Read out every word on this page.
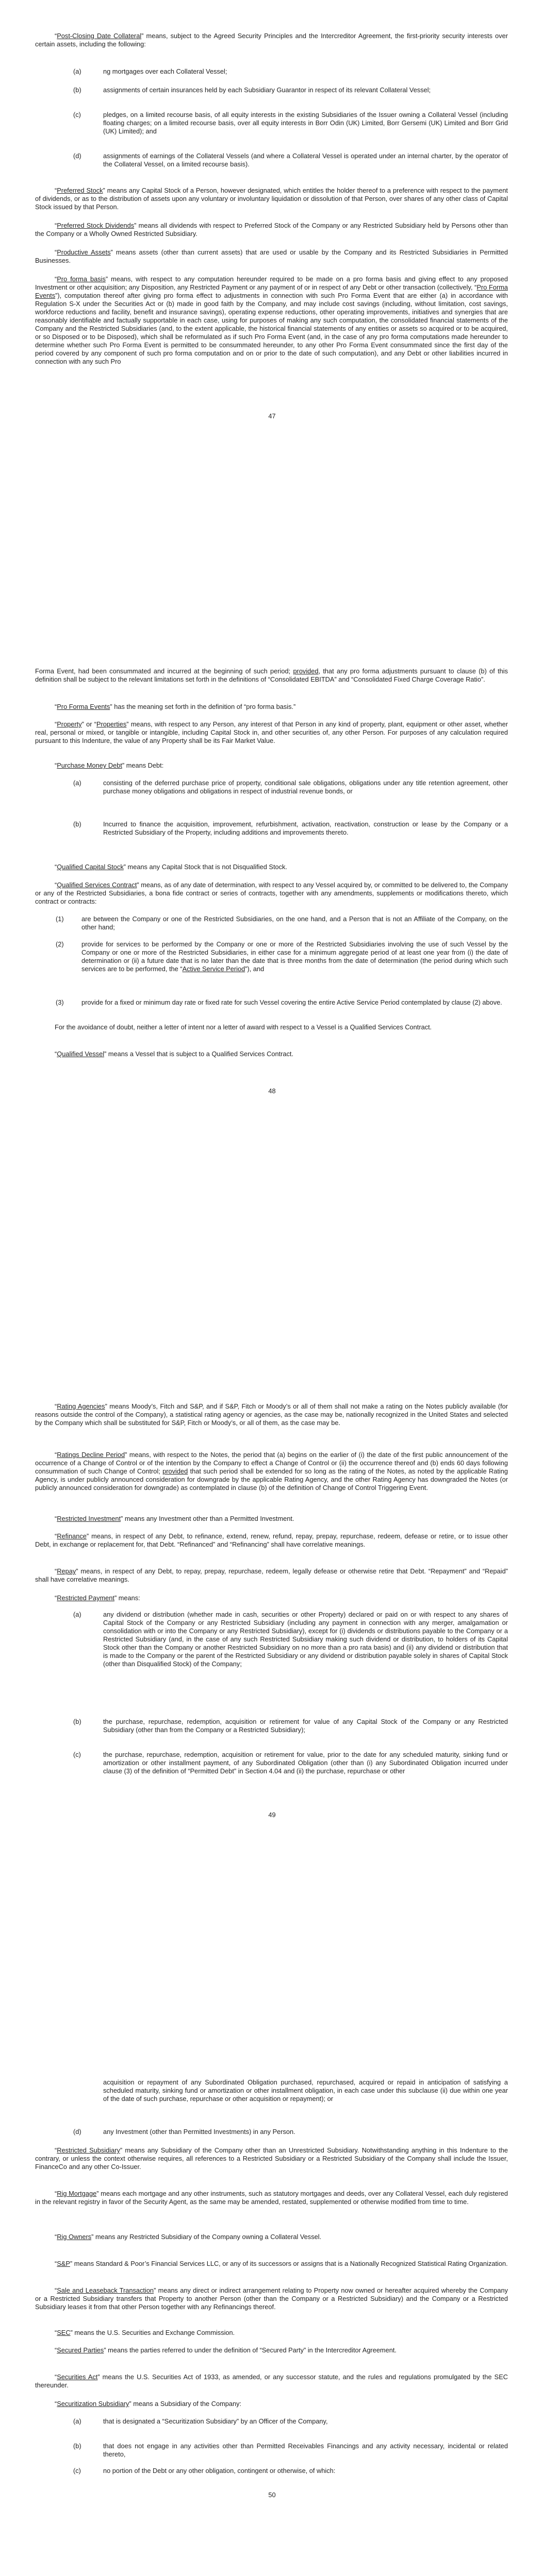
“Post-Closing Date Collateral” means, subject to the Agreed Security Principles and the Intercreditor Agreement, the first-priority security interests over certain assets, including the following:

(a)	ng mortgages over each Collateral Vessel;

(b)	assignments of certain insurances held by each Subsidiary Guarantor in respect of its relevant Collateral Vessel;

(c)	pledges, on a limited recourse basis, of all equity interests in the existing Subsidiaries of the Issuer owning a Collateral Vessel (including floating charges; on a limited recourse basis, over all equity interests in Borr Odin (UK) Limited, Borr Gersemi (UK) Limited and Borr Grid (UK) Limited); and

(d)	assignments of earnings of the Collateral Vessels (and where a Collateral Vessel is operated under an internal charter, by the operator of the Collateral Vessel, on a limited recourse basis).

“Preferred Stock” means any Capital Stock of a Person, however designated, which entitles the holder thereof to a preference with respect to the payment of dividends, or as to the distribution of assets upon any voluntary or involuntary liquidation or dissolution of that Person, over shares of any other class of Capital Stock issued by that Person.

“Preferred Stock Dividends” means all dividends with respect to Preferred Stock of the Company or any Restricted Subsidiary held by Persons other than the Company or a Wholly Owned Restricted Subsidiary.

“Productive Assets” means assets (other than current assets) that are used or usable by the Company and its Restricted Subsidiaries in Permitted Businesses.

“Pro forma basis” means, with respect to any computation hereunder required to be made on a pro forma basis and giving effect to any proposed Investment or other acquisition; any Disposition, any Restricted Payment or any payment of or in respect of any Debt or other transaction (collectively, “Pro Forma Events”), computation thereof after giving pro forma effect to adjustments in connection with such Pro Forma Event that are either (a) in accordance with Regulation S-X under the Securities Act or (b) made in good faith by the Company, and may include cost savings (including, without limitation, cost savings, workforce reductions and facility, benefit and insurance savings), operating expense reductions, other operating improvements, initiatives and synergies that are reasonably identifiable and factually supportable in each case, using for purposes of making any such computation, the consolidated financial statements of the Company and the Restricted Subsidiaries (and, to the extent applicable, the historical financial statements of any entities or assets so acquired or to be acquired, or so Disposed or to be Disposed), which shall be reformulated as if such Pro Forma Event (and, in the case of any pro forma computations made hereunder to determine whether such Pro Forma Event is permitted to be consummated hereunder, to any other Pro Forma Event consummated since the first day of the period covered by any component of such pro forma computation and on or prior to the date of such computation), and any Debt or other liabilities incurred in connection with any such Pro

47

Forma Event, had been consummated and incurred at the beginning of such period; provided, that any pro forma adjustments pursuant to clause (b) of this definition shall be subject to the relevant limitations set forth in the definitions of “Consolidated EBITDA” and “Consolidated Fixed Charge Coverage Ratio”.

“Pro Forma Events” has the meaning set forth in the definition of “pro forma basis.”

“Property” or “Properties” means, with respect to any Person, any interest of that Person in any kind of property, plant, equipment or other asset, whether real, personal or mixed, or tangible or intangible, including Capital Stock in, and other securities of, any other Person. For purposes of any calculation required pursuant to this Indenture, the value of any Property shall be its Fair Market Value.

“Purchase Money Debt” means Debt:

(a)	consisting of the deferred purchase price of property, conditional sale obligations, obligations under any title retention agreement, other purchase money obligations and obligations in respect of industrial revenue bonds, or

(b)	Incurred to finance the acquisition, improvement, refurbishment, activation, reactivation, construction or lease by the Company or a Restricted Subsidiary of the Property, including additions and improvements thereto.

“Qualified Capital Stock” means any Capital Stock that is not Disqualified Stock.

“Qualified Services Contract” means, as of any date of determination, with respect to any Vessel acquired by, or committed to be delivered to, the Company or any of the Restricted Subsidiaries, a bona fide contract or series of contracts, together with any amendments, supplements or modifications thereto, which contract or contracts:

(1)	are between the Company or one of the Restricted Subsidiaries, on the one hand, and a Person that is not an Affiliate of the Company, on the other hand;

(2)	provide for services to be performed by the Company or one or more of the Restricted Subsidiaries involving the use of such Vessel by the Company or one or more of the Restricted Subsidiaries, in either case for a minimum aggregate period of at least one year from (i) the date of determination or (ii) a future date that is no later than the date that is three months from the date of determination (the period during which such services are to be performed, the “Active Service Period”), and

(3)	provide for a fixed or minimum day rate or fixed rate for such Vessel covering the entire Active Service Period contemplated by clause (2) above.

For the avoidance of doubt, neither a letter of intent nor a letter of award with respect to a Vessel is a Qualified Services Contract.

“Qualified Vessel” means a Vessel that is subject to a Qualified Services Contract.

48

“Rating Agencies” means Moody’s, Fitch and S&P, and if S&P, Fitch or Moody’s or all of them shall not make a rating on the Notes publicly available (for reasons outside the control of the Company), a statistical rating agency or agencies, as the case may be, nationally recognized in the United States and selected by the Company which shall be substituted for S&P, Fitch or Moody’s, or all of them, as the case may be.

“Ratings Decline Period” means, with respect to the Notes, the period that (a) begins on the earlier of (i) the date of the first public announcement of the occurrence of a Change of Control or of the intention by the Company to effect a Change of Control or (ii) the occurrence thereof and (b) ends 60 days following consummation of such Change of Control; provided that such period shall be extended for so long as the rating of the Notes, as noted by the applicable Rating Agency, is under publicly announced consideration for downgrade by the applicable Rating Agency, and the other Rating Agency has downgraded the Notes (or publicly announced consideration for downgrade) as contemplated in clause (b) of the definition of Change of Control Triggering Event.

“Restricted Investment” means any Investment other than a Permitted Investment.

“Refinance” means, in respect of any Debt, to refinance, extend, renew, refund, repay, prepay, repurchase, redeem, defease or retire, or to issue other Debt, in exchange or replacement for, that Debt. “Refinanced” and “Refinancing” shall have correlative meanings.

“Repay” means, in respect of any Debt, to repay, prepay, repurchase, redeem, legally defease or otherwise retire that Debt. “Repayment” and “Repaid” shall have correlative meanings.

“Restricted Payment” means:

(a)	any dividend or distribution (whether made in cash, securities or other Property) declared or paid on or with respect to any shares of Capital Stock of the Company or any Restricted Subsidiary (including any payment in connection with any merger, amalgamation or consolidation with or into the Company or any Restricted Subsidiary), except for (i) dividends or distributions payable to the Company or a Restricted Subsidiary (and, in the case of any such Restricted Subsidiary making such dividend or distribution, to holders of its Capital Stock other than the Company or another Restricted Subsidiary on no more than a pro rata basis) and (ii) any dividend or distribution that is made to the Company or the parent of the Restricted Subsidiary or any dividend or distribution payable solely in shares of Capital Stock (other than Disqualified Stock) of the Company;

(b)	the purchase, repurchase, redemption, acquisition or retirement for value of any Capital Stock of the Company or any Restricted Subsidiary (other than from the Company or a Restricted Subsidiary);

(c)	the purchase, repurchase, redemption, acquisition or retirement for value, prior to the date for any scheduled maturity, sinking fund or amortization or other installment payment, of any Subordinated Obligation (other than (i) any Subordinated Obligation incurred under clause (3) of the definition of “Permitted Debt” in Section 4.04 and (ii) the purchase, repurchase or other

49

acquisition or repayment of any Subordinated Obligation purchased, repurchased, acquired or repaid in anticipation of satisfying a scheduled maturity, sinking fund or amortization or other installment obligation, in each case under this subclause (ii) due within one year of the date of such purchase, repurchase or other acquisition or repayment); or

(d)	any Investment (other than Permitted Investments) in any Person.

“Restricted Subsidiary” means any Subsidiary of the Company other than an Unrestricted Subsidiary. Notwithstanding anything in this Indenture to the contrary, or unless the context otherwise requires, all references to a Restricted Subsidiary or a Restricted Subsidiary of the Company shall include the Issuer, FinanceCo and any other Co-Issuer.

“Rig Mortgage” means each mortgage and any other instruments, such as statutory mortgages and deeds, over any Collateral Vessel, each duly registered in the relevant registry in favor of the Security Agent, as the same may be amended, restated, supplemented or otherwise modified from time to time.

“Rig Owners” means any Restricted Subsidiary of the Company owning a Collateral Vessel.

“S&P” means Standard & Poor’s Financial Services LLC, or any of its successors or assigns that is a Nationally Recognized Statistical Rating Organization.

“Sale and Leaseback Transaction” means any direct or indirect arrangement relating to Property now owned or hereafter acquired whereby the Company or a Restricted Subsidiary transfers that Property to another Person (other than the Company or a Restricted Subsidiary) and the Company or a Restricted Subsidiary leases it from that other Person together with any Refinancings thereof.

“SEC” means the U.S. Securities and Exchange Commission.

“Secured Parties” means the parties referred to under the definition of “Secured Party” in the Intercreditor Agreement.

“Securities Act” means the U.S. Securities Act of 1933, as amended, or any successor statute, and the rules and regulations promulgated by the SEC thereunder.

“Securitization Subsidiary” means a Subsidiary of the Company:

(a)	that is designated a “Securitization Subsidiary” by an Officer of the Company,

(b)	that does not engage in any activities other than Permitted Receivables Financings and any activity necessary, incidental or related thereto,

(c)	no portion of the Debt or any other obligation, contingent or otherwise, of which:

50
